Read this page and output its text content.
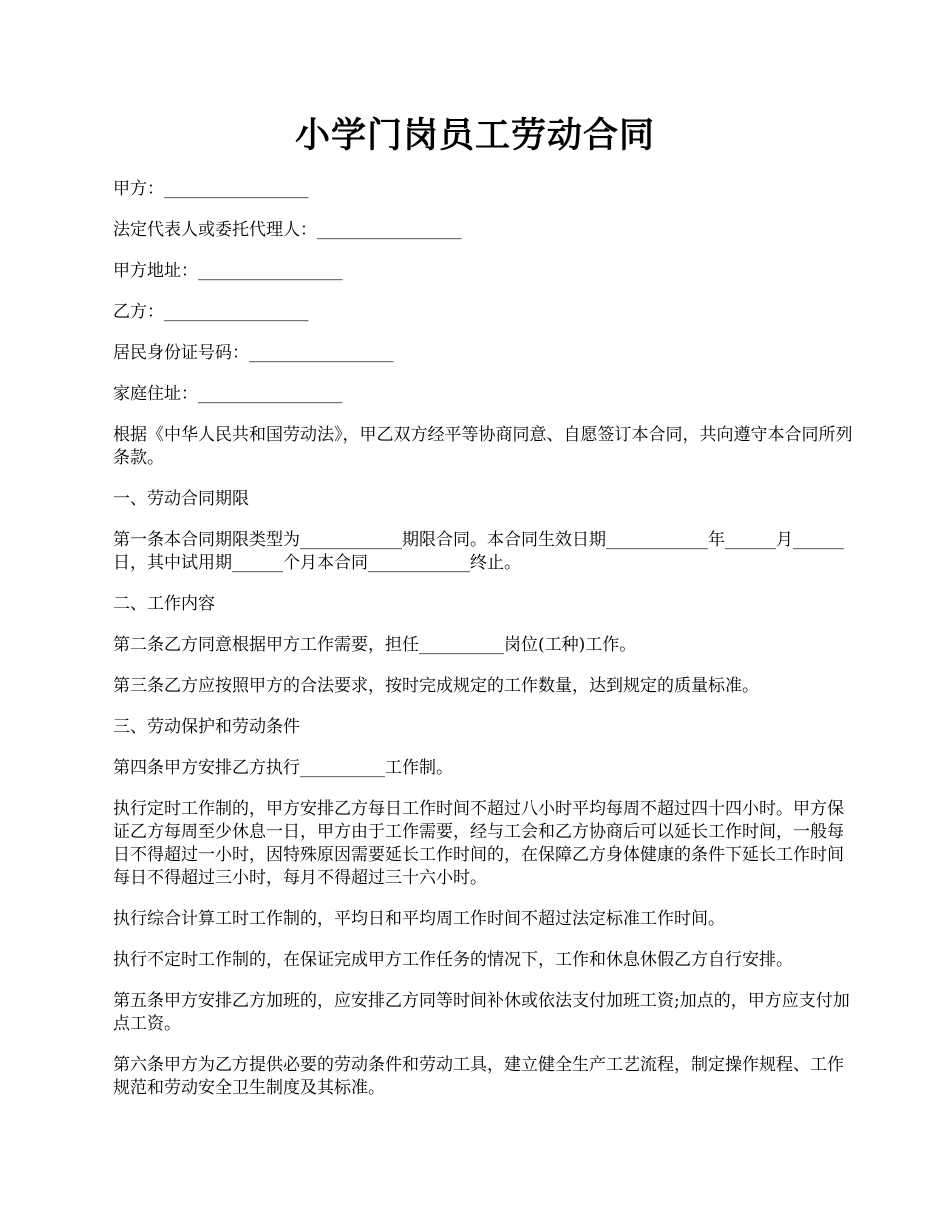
小学门岗员工劳动合同

甲方：_________________

法定代表人或委托代理人：_________________

甲方地址：_________________

乙方：_________________

居民身份证号码：_________________

家庭住址：_________________

根据《中华人民共和国劳动法》，甲乙双方经平等协商同意、自愿签订本合同，共向遵守本合同所列条款。

一、劳动合同期限

第一条本合同期限类型为____________期限合同。本合同生效日期____________年______月______日，其中试用期______个月本合同____________终止。

二、工作内容

第二条乙方同意根据甲方工作需要，担任__________岗位(工种)工作。

第三条乙方应按照甲方的合法要求，按时完成规定的工作数量，达到规定的质量标准。

三、劳动保护和劳动条件

第四条甲方安排乙方执行__________工作制。

执行定时工作制的，甲方安排乙方每日工作时间不超过八小时平均每周不超过四十四小时。甲方保证乙方每周至少休息一日，甲方由于工作需要，经与工会和乙方协商后可以延长工作时间，一般每日不得超过一小时，因特殊原因需要延长工作时间的，在保障乙方身体健康的条件下延长工作时间每日不得超过三小时，每月不得超过三十六小时。

执行综合计算工时工作制的，平均日和平均周工作时间不超过法定标准工作时间。

执行不定时工作制的，在保证完成甲方工作任务的情况下，工作和休息休假乙方自行安排。

第五条甲方安排乙方加班的，应安排乙方同等时间补休或依法支付加班工资;加点的，甲方应支付加点工资。

第六条甲方为乙方提供必要的劳动条件和劳动工具，建立健全生产工艺流程，制定操作规程、工作规范和劳动安全卫生制度及其标准。
